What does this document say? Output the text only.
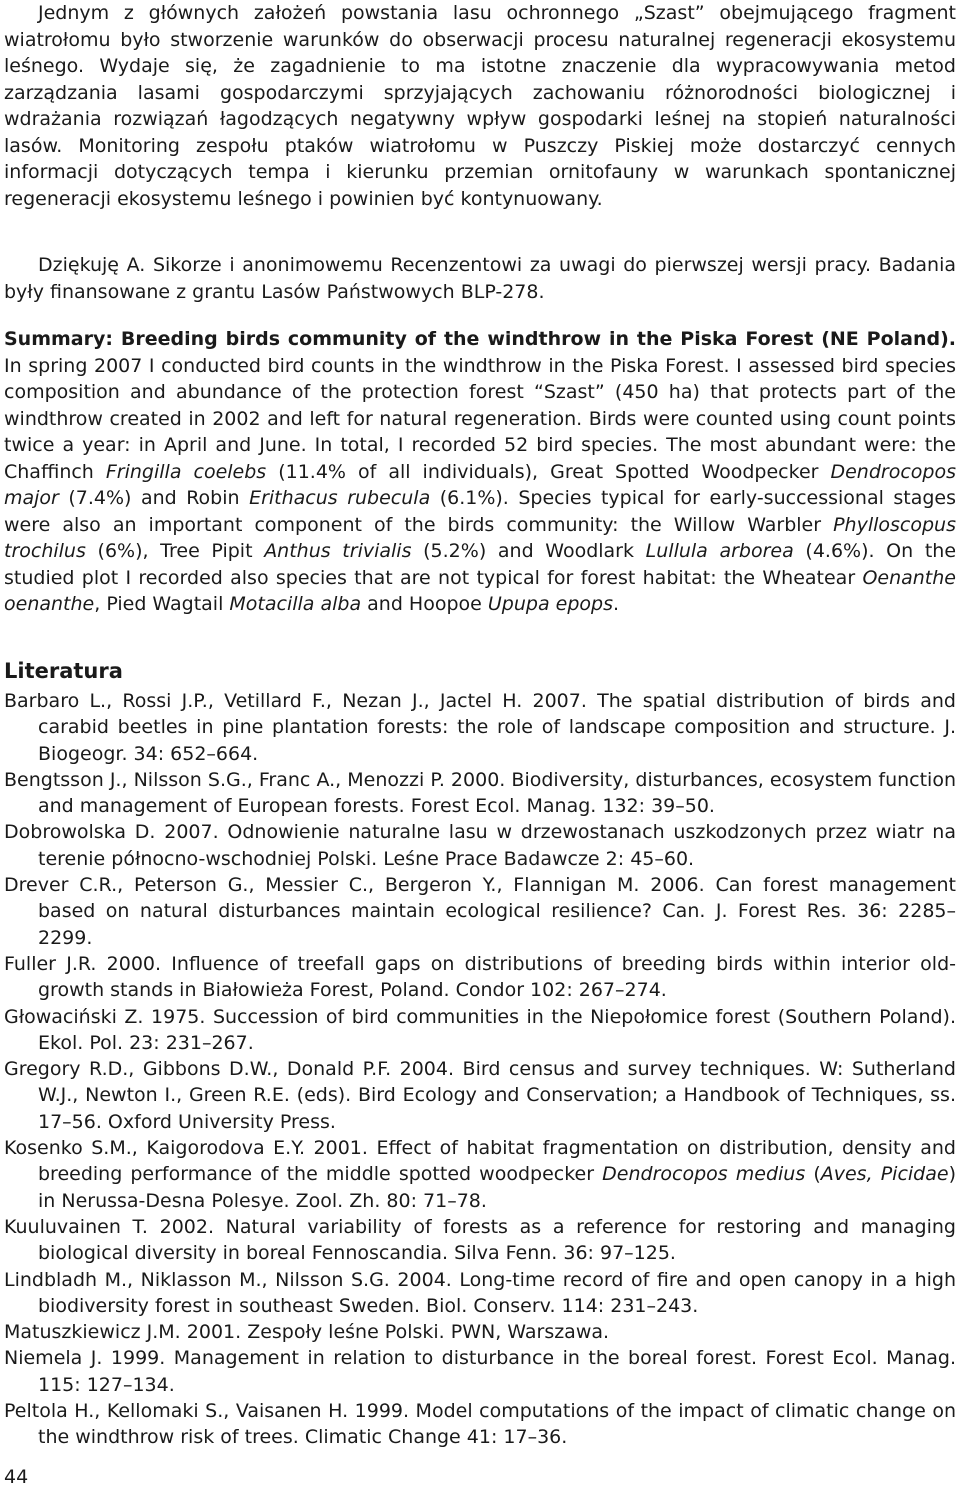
Jednym z głównych założeń powstania lasu ochronnego „Szast” obejmującego fragment wiatrołomu było stworzenie warunków do obserwacji procesu naturalnej regeneracji ekosystemu leśnego. Wydaje się, że zagadnienie to ma istotne znaczenie dla wypracowywania metod zarządzania lasami gospodarczymi sprzyjających zachowaniu różnorodności biologicznej i wdrażania rozwiązań łagodzących negatywny wpływ gospodarki leśnej na stopień naturalności lasów. Monitoring zespołu ptaków wiatrołomu w Puszczy Piskiej może dostarczyć cennych informacji dotyczących tempa i kierunku przemian ornitofauny w warunkach spontanicznej regeneracji ekosystemu leśnego i powinien być kontynuowany.

Dziękuję A. Sikorze i anonimowemu Recenzentowi za uwagi do pierwszej wersji pracy. Badania były finansowane z grantu Lasów Państwowych BLP-278.

Summary: Breeding birds community of the windthrow in the Piska Forest (NE Poland). In spring 2007 I conducted bird counts in the windthrow in the Piska Forest. I assessed bird species composition and abundance of the protection forest “Szast” (450 ha) that protects part of the windthrow created in 2002 and left for natural regeneration. Birds were counted using count points twice a year: in April and June. In total, I recorded 52 bird species. The most abundant were: the Chaffinch Fringilla coelebs (11.4% of all individuals), Great Spotted Woodpecker Dendrocopos major (7.4%) and Robin Erithacus rubecula (6.1%). Species typical for early-successional stages were also an important component of the birds community: the Willow Warbler Phylloscopus trochilus (6%), Tree Pipit Anthus trivialis (5.2%) and Woodlark Lullula arborea (4.6%). On the studied plot I recorded also species that are not typical for forest habitat: the Wheatear Oenanthe oenanthe, Pied Wagtail Motacilla alba and Hoopoe Upupa epops.

Literatura
Barbaro L., Rossi J.P., Vetillard F., Nezan J., Jactel H. 2007. The spatial distribution of birds and carabid beetles in pine plantation forests: the role of landscape composition and structure. J. Biogeogr. 34: 652–664.
Bengtsson J., Nilsson S.G., Franc A., Menozzi P. 2000. Biodiversity, disturbances, ecosystem function and management of European forests. Forest Ecol. Manag. 132: 39–50.
Dobrowolska D. 2007. Odnowienie naturalne lasu w drzewostanach uszkodzonych przez wiatr na terenie północno-wschodniej Polski. Leśne Prace Badawcze 2: 45–60.
Drever C.R., Peterson G., Messier C., Bergeron Y., Flannigan M. 2006. Can forest management based on natural disturbances maintain ecological resilience? Can. J. Forest Res. 36: 2285–2299.
Fuller J.R. 2000. Influence of treefall gaps on distributions of breeding birds within interior old-growth stands in Białowieża Forest, Poland. Condor 102: 267–274.
Głowaciński Z. 1975. Succession of bird communities in the Niepołomice forest (Southern Poland). Ekol. Pol. 23: 231–267.
Gregory R.D., Gibbons D.W., Donald P.F. 2004. Bird census and survey techniques. W: Sutherland W.J., Newton I., Green R.E. (eds). Bird Ecology and Conservation; a Handbook of Techniques, ss. 17–56. Oxford University Press.
Kosenko S.M., Kaigorodova E.Y. 2001. Effect of habitat fragmentation on distribution, density and breeding performance of the middle spotted woodpecker Dendrocopos medius (Aves, Picidae) in Nerussa-Desna Polesye. Zool. Zh. 80: 71–78.
Kuuluvainen T. 2002. Natural variability of forests as a reference for restoring and managing biological diversity in boreal Fennoscandia. Silva Fenn. 36: 97–125.
Lindbladh M., Niklasson M., Nilsson S.G. 2004. Long-time record of fire and open canopy in a high biodiversity forest in southeast Sweden. Biol. Conserv. 114: 231–243.
Matuszkiewicz J.M. 2001. Zespoły leśne Polski. PWN, Warszawa.
Niemela J. 1999. Management in relation to disturbance in the boreal forest. Forest Ecol. Manag. 115: 127–134.
Peltola H., Kellomaki S., Vaisanen H. 1999. Model computations of the impact of climatic change on the windthrow risk of trees. Climatic Change 41: 17–36.
44
